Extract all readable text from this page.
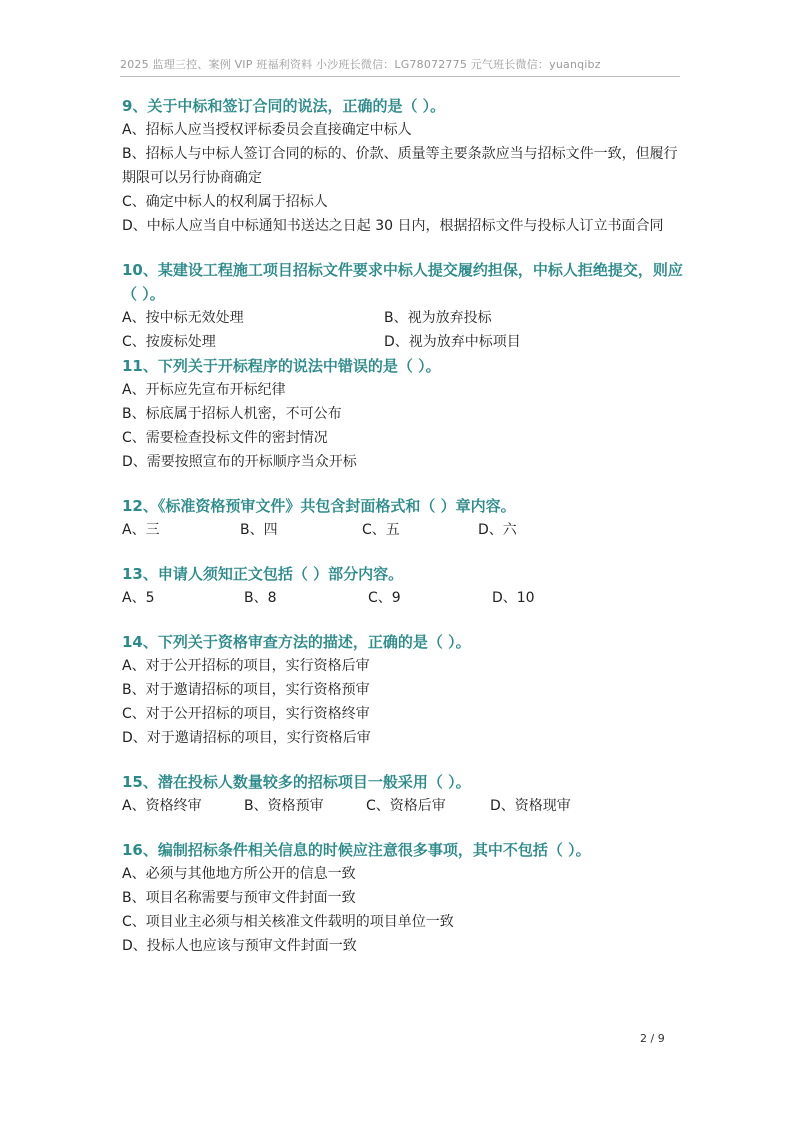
2025 监理三控、案例 VIP 班福利资料 小沙班长微信：LG78072775 元气班长微信：yuanqibz

9、关于中标和签订合同的说法，正确的是（ ）。

A、招标人应当授权评标委员会直接确定中标人

B、招标人与中标人签订合同的标的、价款、质量等主要条款应当与招标文件一致，但履行期限可以另行协商确定

C、确定中标人的权利属于招标人

D、中标人应当自中标通知书送达之日起 30 日内，根据招标文件与投标人订立书面合同

10、某建设工程施工项目招标文件要求中标人提交履约担保，中标人拒绝提交，则应（ ）。

A、按中标无效处理	B、视为放弃投标
C、按废标处理	D、视为放弃中标项目

11、下列关于开标程序的说法中错误的是（ ）。

A、开标应先宣布开标纪律

B、标底属于招标人机密，不可公布

C、需要检查投标文件的密封情况

D、需要按照宣布的开标顺序当众开标

12、《标准资格预审文件》共包含封面格式和（ ）章内容。

A、三	B、四	C、五	D、六

13、申请人须知正文包括（ ）部分内容。

A、5	B、8	C、9	D、10

14、下列关于资格审查方法的描述，正确的是（ ）。

A、对于公开招标的项目，实行资格后审

B、对于邀请招标的项目，实行资格预审

C、对于公开招标的项目，实行资格终审

D、对于邀请招标的项目，实行资格后审

15、潜在投标人数量较多的招标项目一般采用（ ）。

A、资格终审	B、资格预审	C、资格后审	D、资格现审

16、编制招标条件相关信息的时候应注意很多事项，其中不包括（ ）。

A、必须与其他地方所公开的信息一致

B、项目名称需要与预审文件封面一致

C、项目业主必须与相关核准文件载明的项目单位一致

D、投标人也应该与预审文件封面一致

2 / 9
